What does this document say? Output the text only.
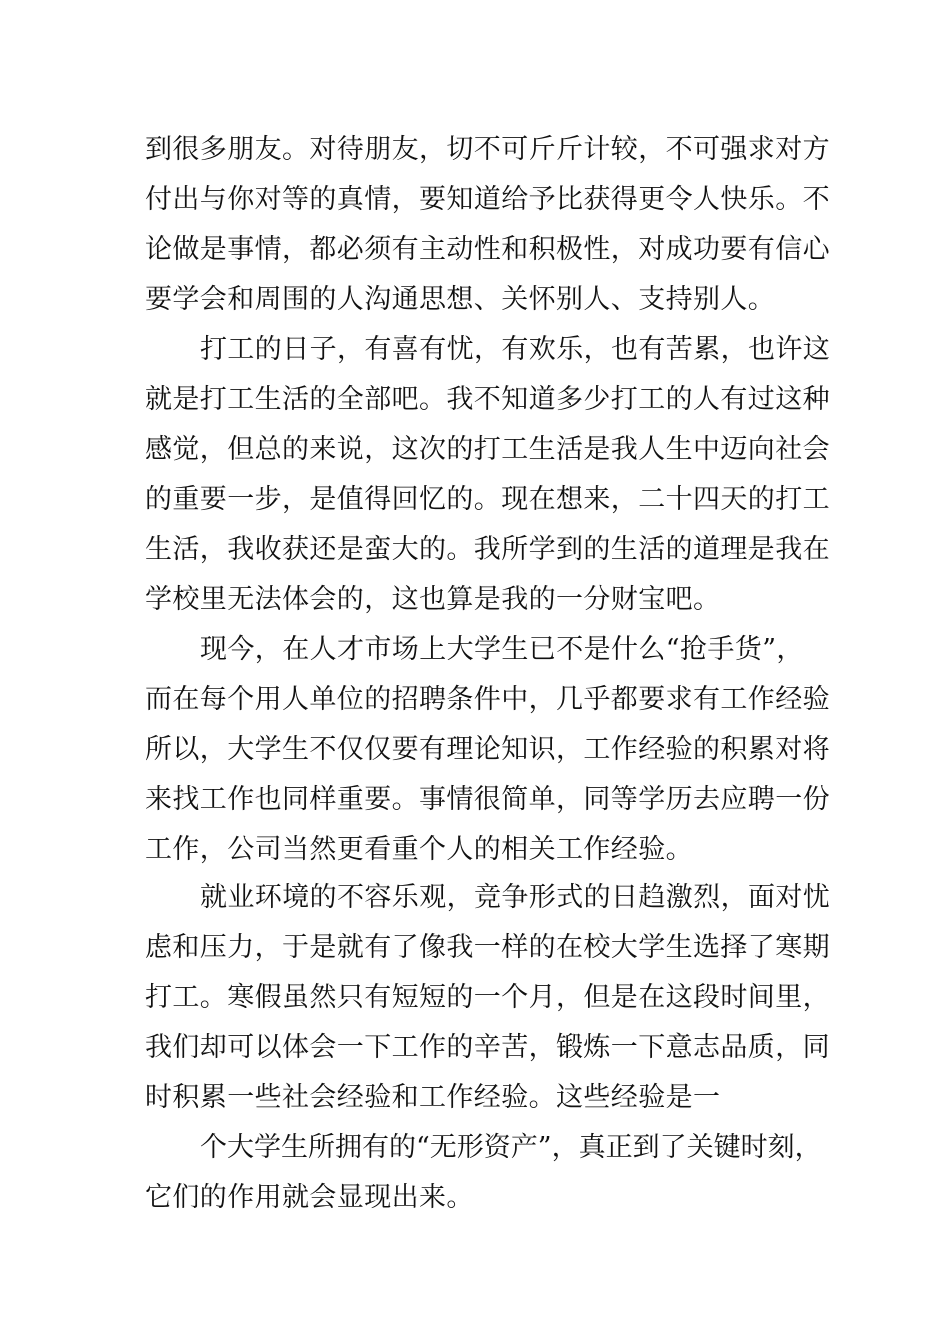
到很多朋友。对待朋友，切不可斤斤计较，不可强求对方

付出与你对等的真情，要知道给予比获得更令人快乐。不

论做是事情，都必须有主动性和积极性，对成功要有信心

要学会和周围的人沟通思想、关怀别人、支持别人。

打工的日子，有喜有忧，有欢乐，也有苦累，也许这

就是打工生活的全部吧。我不知道多少打工的人有过这种

感觉，但总的来说，这次的打工生活是我人生中迈向社会

的重要一步，是值得回忆的。现在想来，二十四天的打工

生活，我收获还是蛮大的。我所学到的生活的道理是我在

学校里无法体会的，这也算是我的一分财宝吧。

现今，在人才市场上大学生已不是什么“抢手货”，

而在每个用人单位的招聘条件中，几乎都要求有工作经验

所以，大学生不仅仅要有理论知识，工作经验的积累对将

来找工作也同样重要。事情很简单，同等学历去应聘一份

工作，公司当然更看重个人的相关工作经验。

就业环境的不容乐观，竞争形式的日趋激烈，面对忧

虑和压力，于是就有了像我一样的在校大学生选择了寒期

打工。寒假虽然只有短短的一个月，但是在这段时间里，

我们却可以体会一下工作的辛苦，锻炼一下意志品质，同

时积累一些社会经验和工作经验。这些经验是一

个大学生所拥有的“无形资产”，真正到了关键时刻，

它们的作用就会显现出来。
